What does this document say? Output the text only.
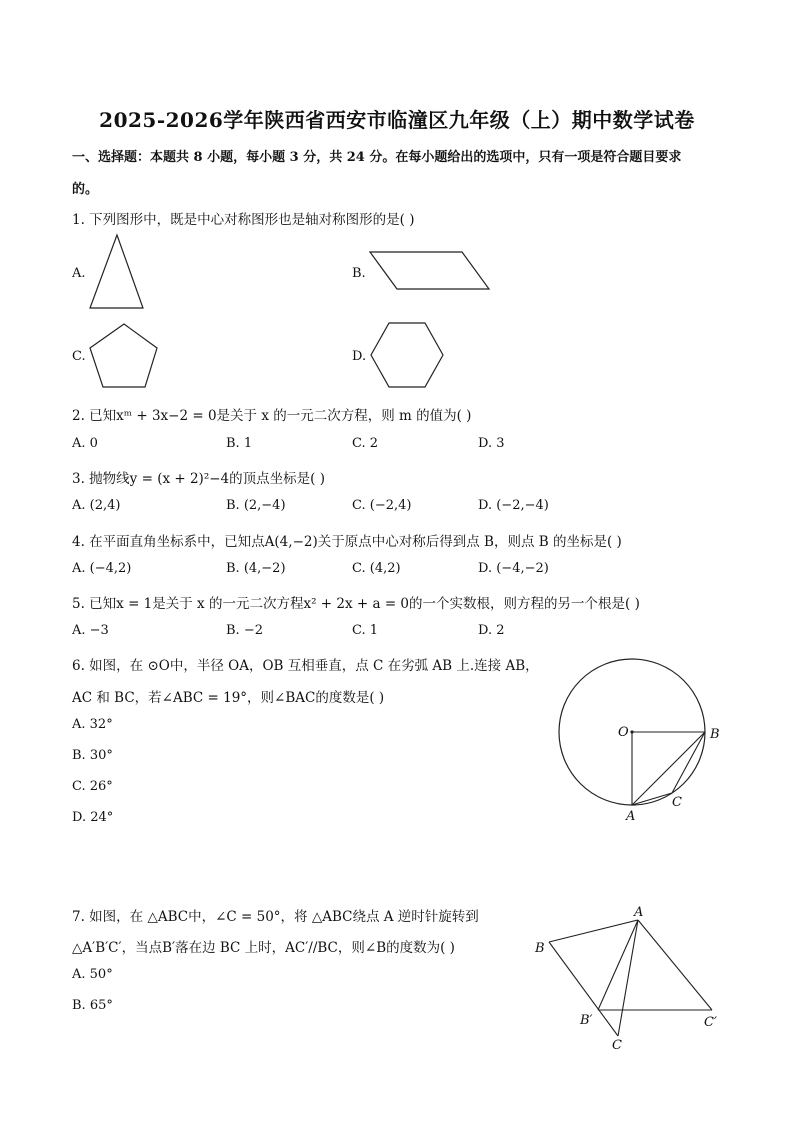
2025-2026学年陕西省西安市临潼区九年级（上）期中数学试卷
一、选择题：本题共 8 小题，每小题 3 分，共 24 分。在每小题给出的选项中，只有一项是符合题目要求
的。
1. 下列图形中，既是中心对称图形也是轴对称图形的是( )
A.	B.
C.	D.
2. 已知xᵐ + 3x−2 = 0是关于 x 的一元二次方程，则 m 的值为( )
A. 0	B. 1	C. 2	D. 3
3. 抛物线y = (x + 2)²−4的顶点坐标是( )
A. (2,4)	B. (2,−4)	C. (−2,4)	D. (−2,−4)
4. 在平面直角坐标系中，已知点A(4,−2)关于原点中心对称后得到点 B，则点 B 的坐标是( )
A. (−4,2)	B. (4,−2)	C. (4,2)	D. (−4,−2)
5. 已知x = 1是关于 x 的一元二次方程x² + 2x + a = 0的一个实数根，则方程的另一个根是( )
A. −3	B. −2	C. 1	D. 2
6. 如图，在 ⊙O中，半径 OA，OB 互相垂直，点 C 在劣弧 AB 上.连接 AB，
AC 和 BC，若∠ABC = 19°，则∠BAC的度数是( )
A. 32°
B. 30°
C. 26°
D. 24°
O
A
B
C
7. 如图，在 △ABC中，∠C = 50°，将 △ABC绕点 A 逆时针旋转到
△A′B′C′，当点B′落在边 BC 上时，AC′//BC，则∠B的度数为( )
A. 50°
B. 65°
A
B
C
B′	C′
